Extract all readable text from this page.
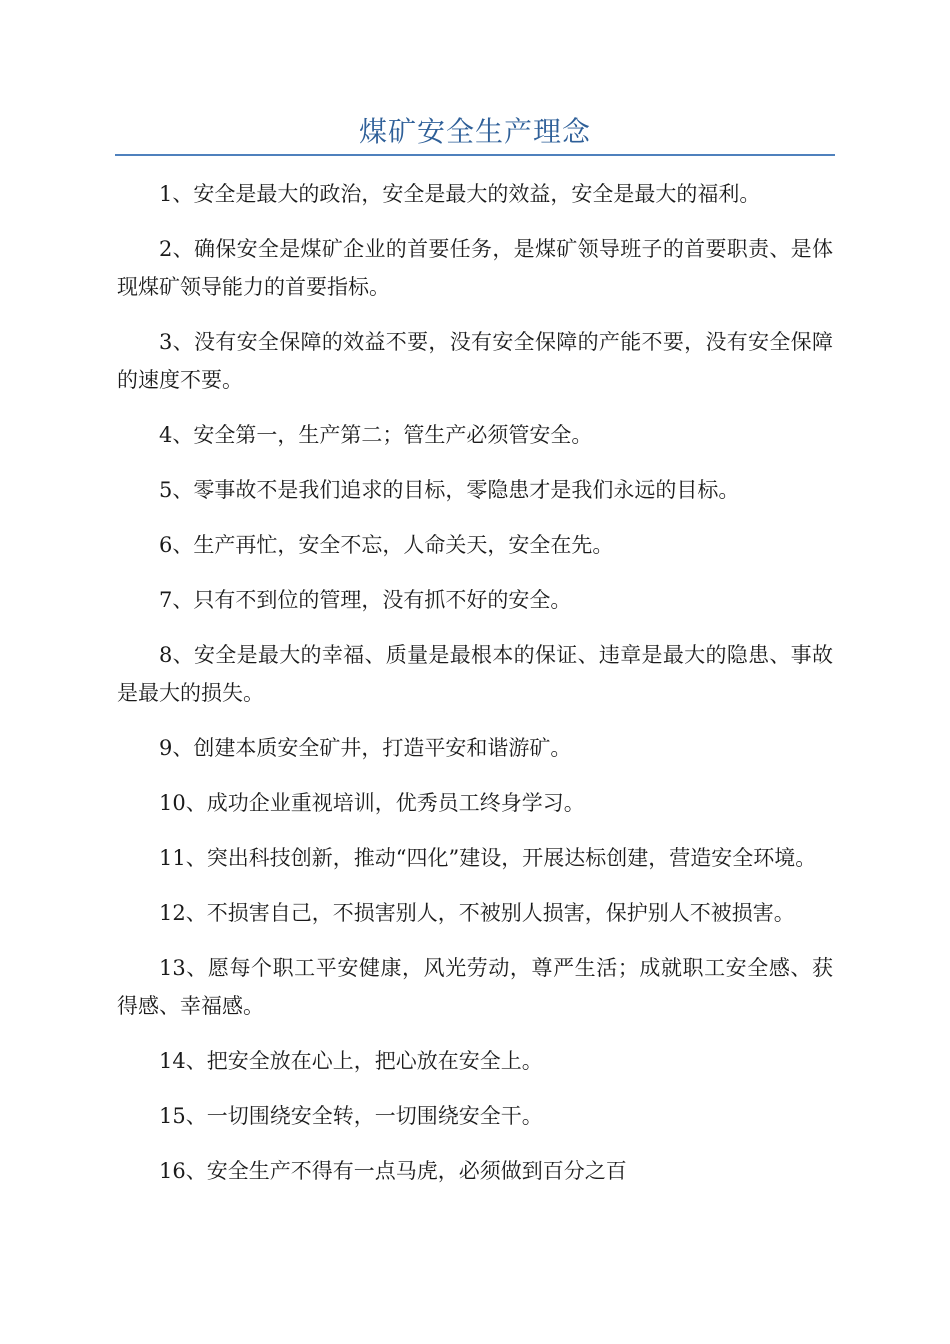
煤矿安全生产理念

1、安全是最大的政治，安全是最大的效益，安全是最大的福利。

2、确保安全是煤矿企业的首要任务，是煤矿领导班子的首要职责、是体现煤矿领导能力的首要指标。

3、没有安全保障的效益不要，没有安全保障的产能不要，没有安全保障的速度不要。

4、安全第一，生产第二；管生产必须管安全。

5、零事故不是我们追求的目标，零隐患才是我们永远的目标。

6、生产再忙，安全不忘，人命关天，安全在先。

7、只有不到位的管理，没有抓不好的安全。

8、安全是最大的幸福、质量是最根本的保证、违章是最大的隐患、事故是最大的损失。

9、创建本质安全矿井，打造平安和谐游矿。

10、成功企业重视培训，优秀员工终身学习。

11、突出科技创新，推动“四化”建设，开展达标创建，营造安全环境。

12、不损害自己，不损害别人，不被别人损害，保护别人不被损害。

13、愿每个职工平安健康，风光劳动，尊严生活；成就职工安全感、获得感、幸福感。

14、把安全放在心上，把心放在安全上。

15、一切围绕安全转，一切围绕安全干。

16、安全生产不得有一点马虎，必须做到百分之百
